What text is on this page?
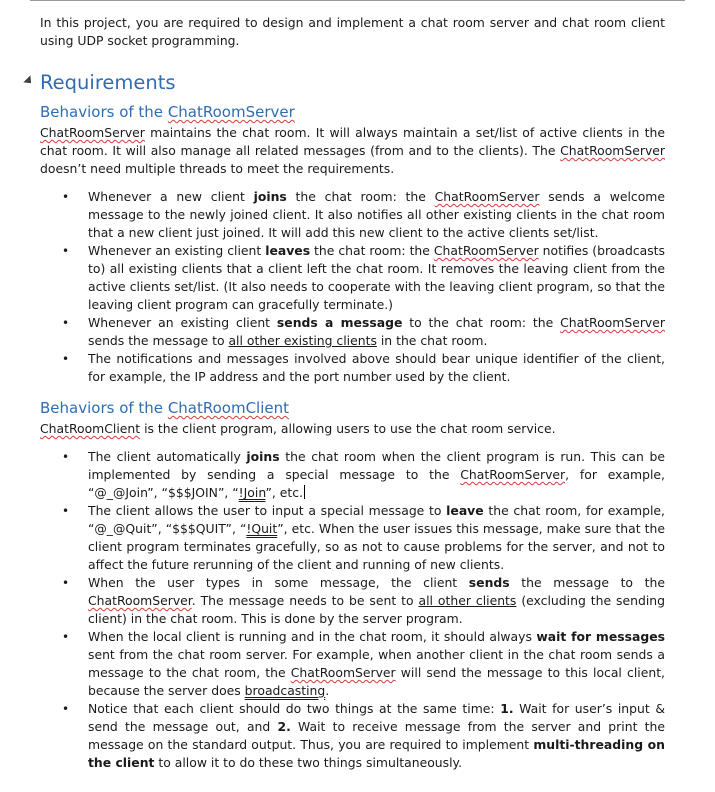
In this project, you are required to design and implement a chat room server and chat room client using UDP socket programming.

Requirements
Behaviors of the ChatRoomServer

ChatRoomServer maintains the chat room. It will always maintain a set/list of active clients in the chat room. It will also manage all related messages (from and to the clients). The ChatRoomServer doesn’t need multiple threads to meet the requirements.

• Whenever a new client joins the chat room: the ChatRoomServer sends a welcome message to the newly joined client. It also notifies all other existing clients in the chat room that a new client just joined. It will add this new client to the active clients set/list.
• Whenever an existing client leaves the chat room: the ChatRoomServer notifies (broadcasts to) all existing clients that a client left the chat room. It removes the leaving client from the active clients set/list. (It also needs to cooperate with the leaving client program, so that the leaving client program can gracefully terminate.)
• Whenever an existing client sends a message to the chat room: the ChatRoomServer sends the message to all other existing clients in the chat room.
• The notifications and messages involved above should bear unique identifier of the client, for example, the IP address and the port number used by the client.
Behaviors of the ChatRoomClient

ChatRoomClient is the client program, allowing users to use the chat room service.

• The client automatically joins the chat room when the client program is run. This can be implemented by sending a special message to the ChatRoomServer, for example, “@_@Join”, “$$$JOIN”, “!Join”, etc.
• The client allows the user to input a special message to leave the chat room, for example, “@_@Quit”, “$$$QUIT”, “!Quit”, etc. When the user issues this message, make sure that the client program terminates gracefully, so as not to cause problems for the server, and not to affect the future rerunning of the client and running of new clients.
• When the user types in some message, the client sends the message to the ChatRoomServer. The message needs to be sent to all other clients (excluding the sending client) in the chat room. This is done by the server program.
• When the local client is running and in the chat room, it should always wait for messages sent from the chat room server. For example, when another client in the chat room sends a message to the chat room, the ChatRoomServer will send the message to this local client, because the server does broadcasting.
• Notice that each client should do two things at the same time: 1. Wait for user’s input & send the message out, and 2. Wait to receive message from the server and print the message on the standard output. Thus, you are required to implement multi-threading on the client to allow it to do these two things simultaneously.
